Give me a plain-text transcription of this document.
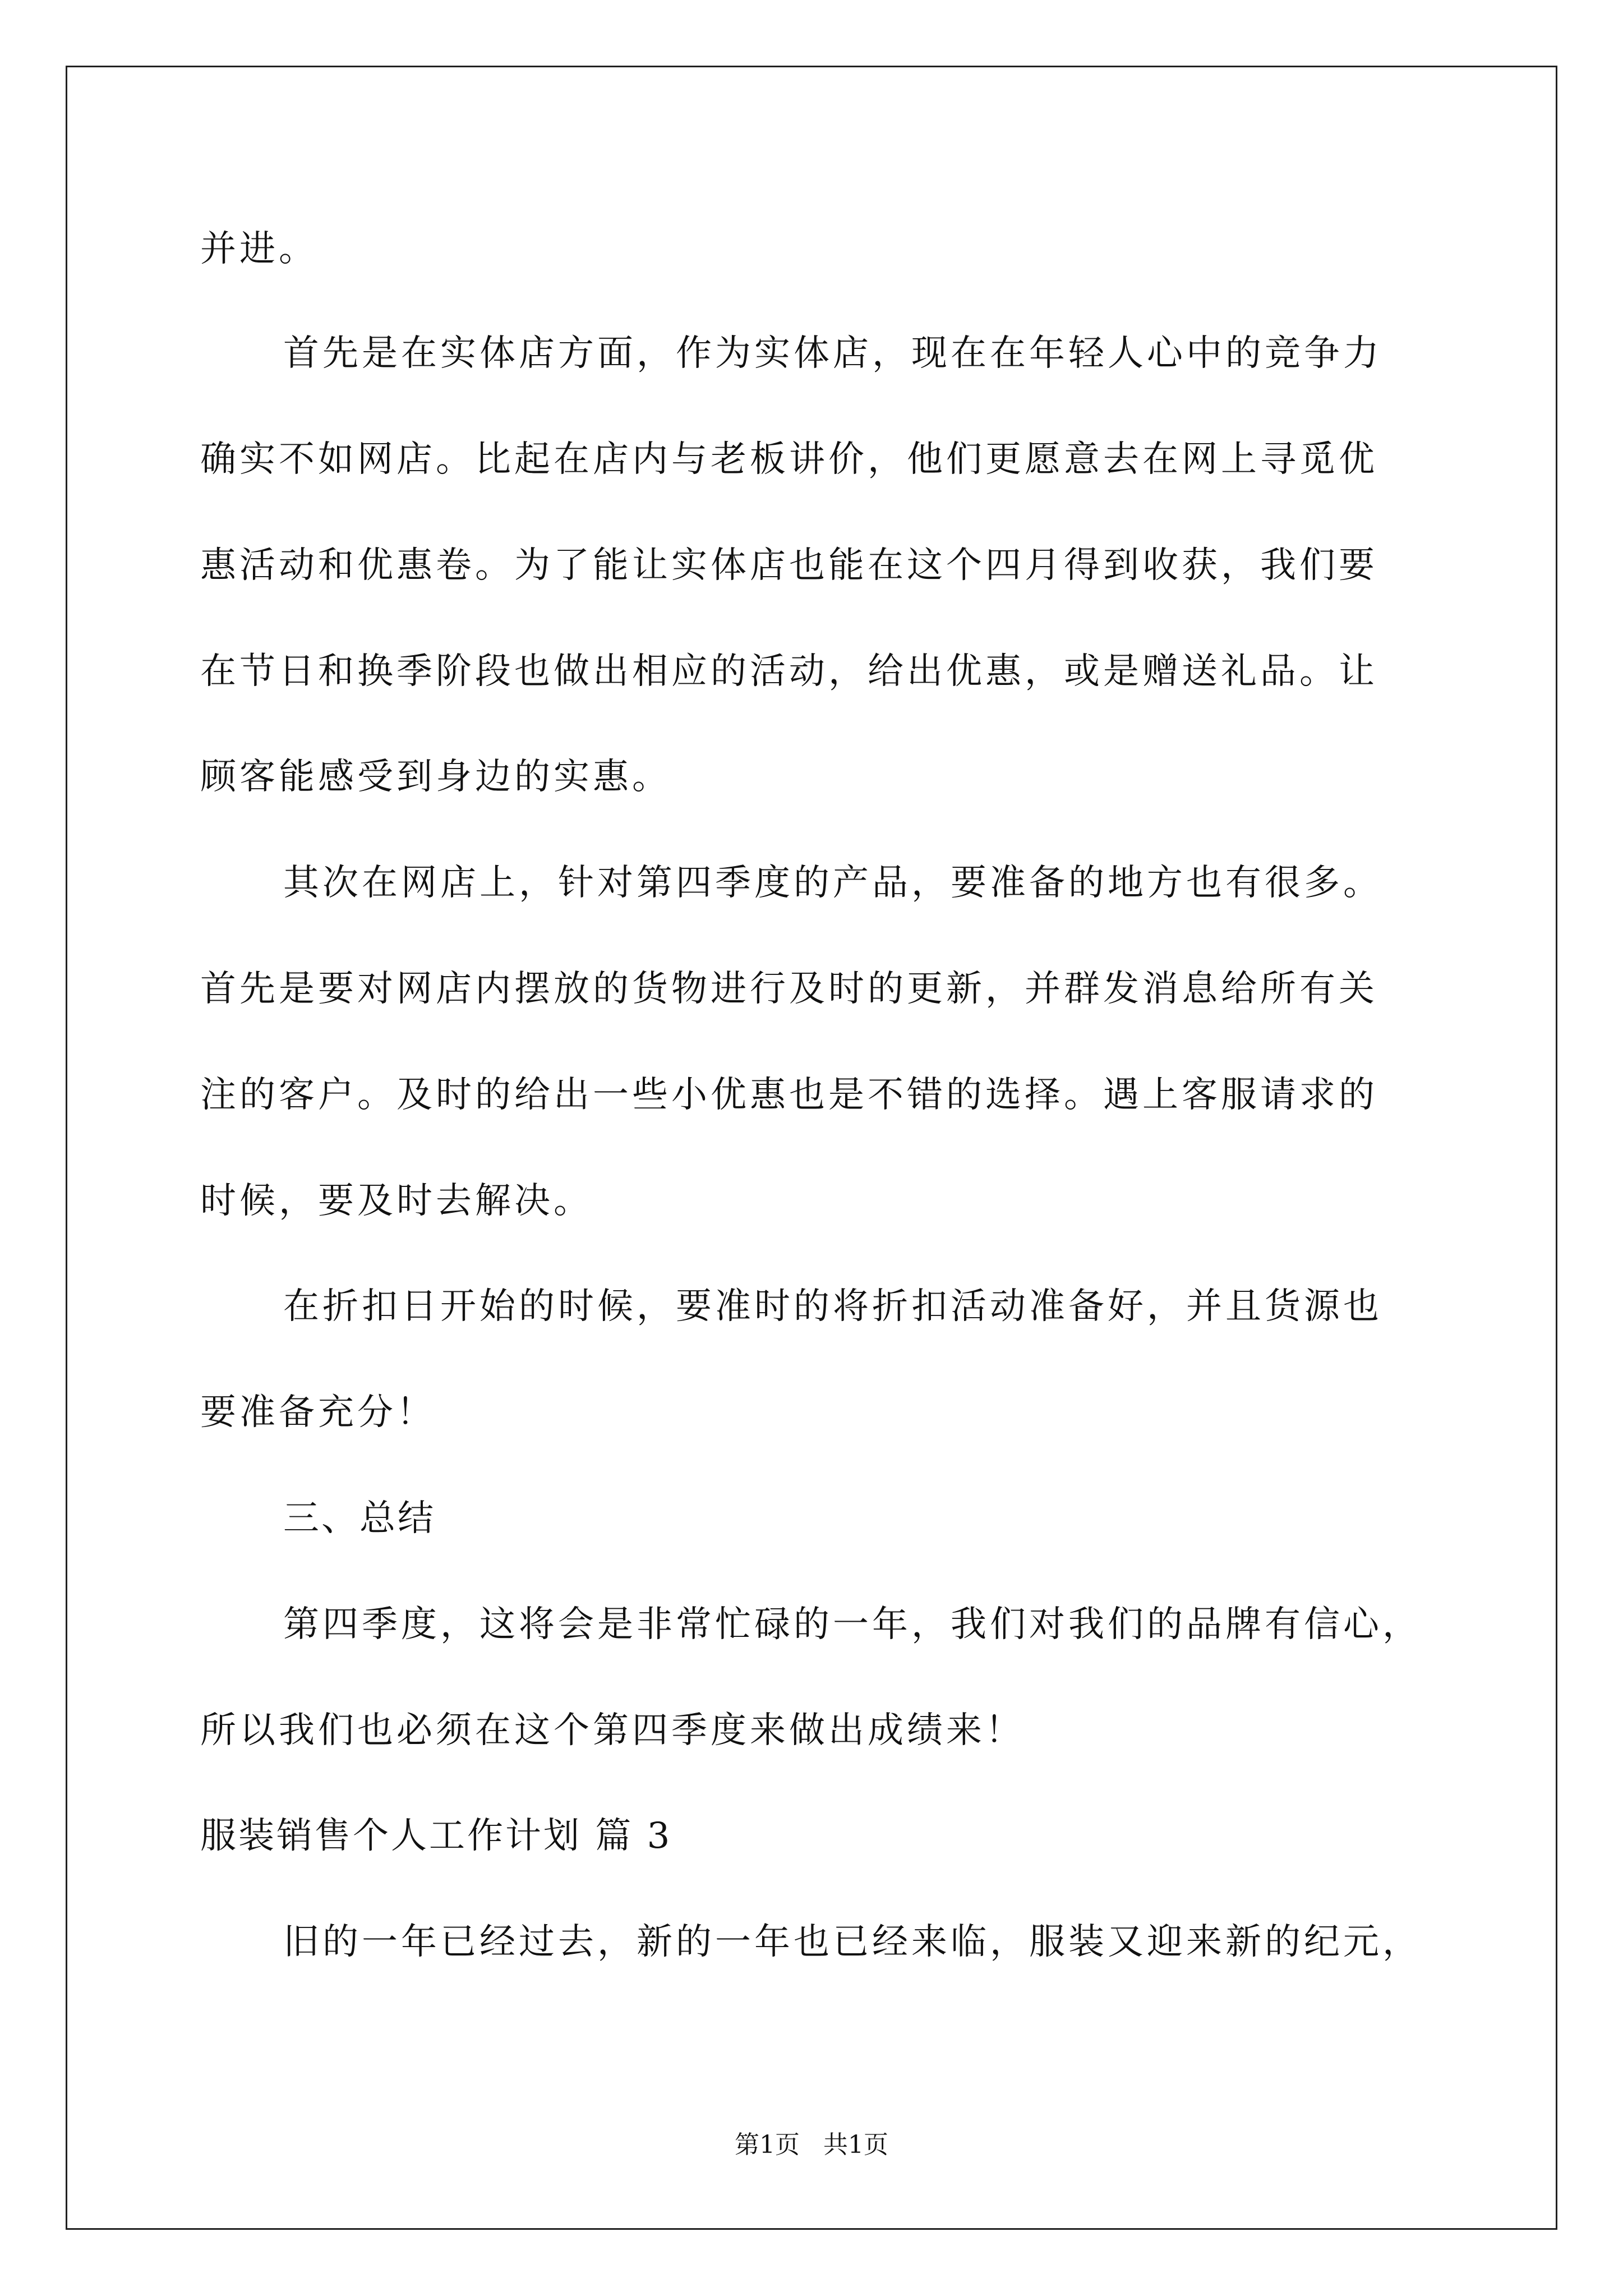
并进。
首先是在实体店方面，作为实体店，现在在年轻人心中的竞争力
确实不如网店。比起在店内与老板讲价，他们更愿意去在网上寻觅优
惠活动和优惠卷。为了能让实体店也能在这个四月得到收获，我们要
在节日和换季阶段也做出相应的活动，给出优惠，或是赠送礼品。让
顾客能感受到身边的实惠。
其次在网店上，针对第四季度的产品，要准备的地方也有很多。
首先是要对网店内摆放的货物进行及时的更新，并群发消息给所有关
注的客户。及时的给出一些小优惠也是不错的选择。遇上客服请求的
时候，要及时去解决。
在折扣日开始的时候，要准时的将折扣活动准备好，并且货源也
要准备充分！
三、总结
第四季度，这将会是非常忙碌的一年，我们对我们的品牌有信心，
所以我们也必须在这个第四季度来做出成绩来！
服装销售个人工作计划 篇 3
旧的一年已经过去，新的一年也已经来临，服装又迎来新的纪元，
第1页 共1页
